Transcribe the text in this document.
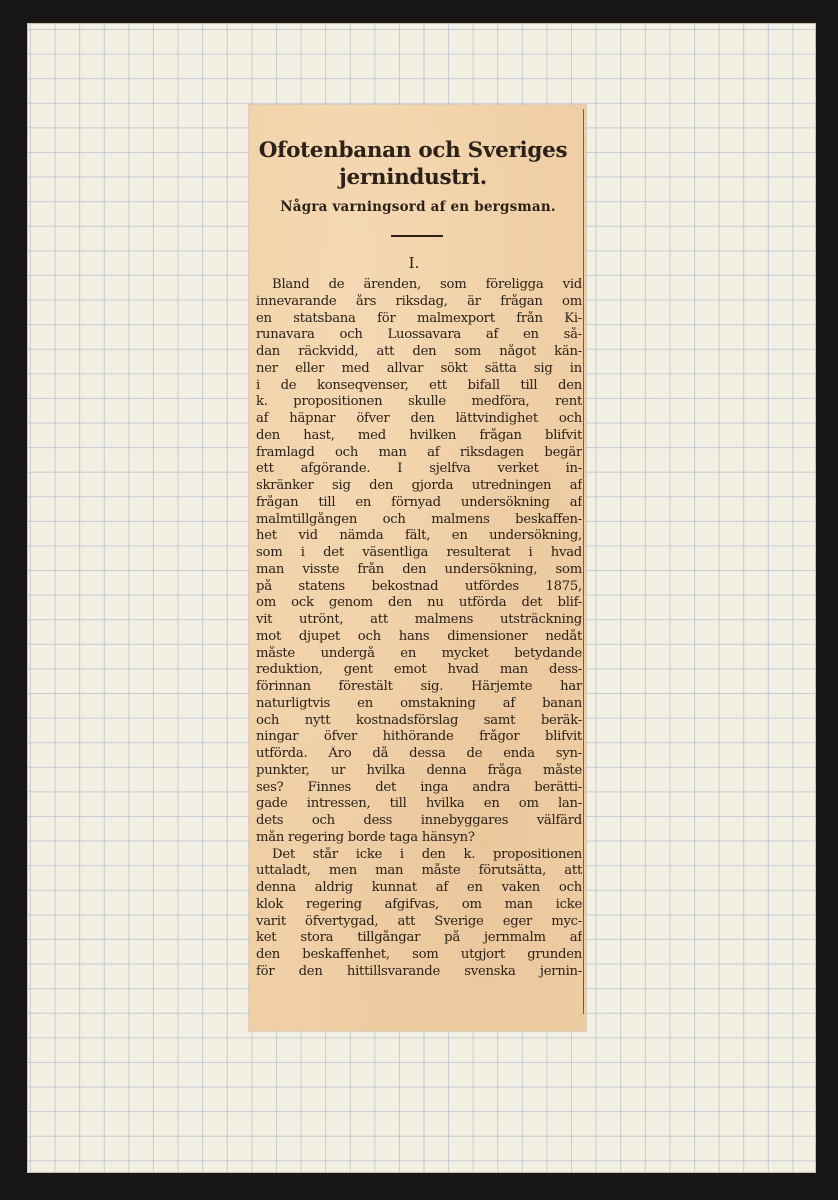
Ofotenbanan och Sveriges
jernindustri.
Några varningsord af en bergsman.
I.
Bland de ärenden, som föreligga vid
innevarande års riksdag, är frågan om
en statsbana för malmexport från Ki-
runavara och Luossavara af en så-
dan räckvidd, att den som något kän-
ner eller med allvar sökt sätta sig in
i de konseqvenser, ett bifall till den
k. propositionen skulle medföra, rent
af häpnar öfver den lättvindighet och
den hast, med hvilken frågan blifvit
framlagd och man af riksdagen begär
ett afgörande. I sjelfva verket in-
skränker sig den gjorda utredningen af
frågan till en förnyad undersökning af
malmtillgången och malmens beskaffen-
het vid nämda fält, en undersökning,
som i det väsentliga resulterat i hvad
man visste från den undersökning, som
på statens bekostnad utfördes 1875,
om ock genom den nu utförda det blif-
vit utrönt, att malmens utsträckning
mot djupet och hans dimensioner nedåt
måste undergå en mycket betydande
reduktion, gent emot hvad man dess-
förinnan förestält sig. Härjemte har
naturligtvis en omstakning af banan
och nytt kostnadsförslag samt beräk-
ningar öfver hithörande frågor blifvit
utförda. Äro då dessa de enda syn-
punkter, ur hvilka denna fråga måste
ses? Finnes det inga andra berätti-
gade intressen, till hvilka en om lan-
dets och dess innebyggares välfärd
mån regering borde taga hänsyn?
Det står icke i den k. propositionen
uttaladt, men man måste förutsätta, att
denna aldrig kunnat af en vaken och
klok regering afgifvas, om man icke
varit öfvertygad, att Sverige eger myc-
ket stora tillgångar på jernmalm af
den beskaffenhet, som utgjort grunden
för den hittillsvarande svenska jernin-
